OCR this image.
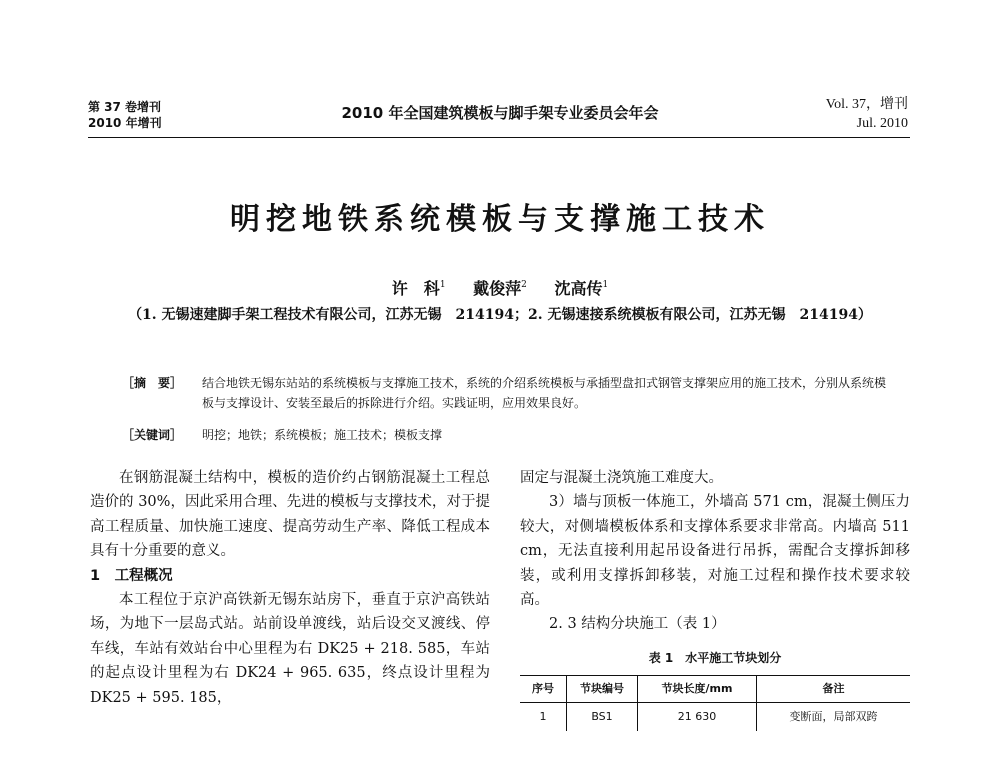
第 37 卷增刊
2010 年增刊
2010 年全国建筑模板与脚手架专业委员会年会	Vol. 37，增刊
Jul. 2010
明挖地铁系统模板与支撑施工技术
许　科$^1$ 戴俊萍$^2$ 沈高传$^1$
（1. 无锡速建脚手架工程技术有限公司，江苏无锡　214194；2. 无锡速接系统模板有限公司，江苏无锡　214194）
［摘　要］ 结合地铁无锡东站站的系统模板与支撑施工技术，系统的介绍系统模板与承插型盘扣式钢管支撑架应用的施工技术，分别从系统模板与支撑设计、安装至最后的拆除进行介绍。实践证明，应用效果良好。
［关键词］ 明挖；地铁；系统模板；施工技术；模板支撑

在钢筋混凝土结构中，模板的造价约占钢筋混凝土工程总造价的 30%，因此采用合理、先进的模板与支撑技术，对于提高工程质量、加快施工速度、提高劳动生产率、降低工程成本具有十分重要的意义。

1　工程概况

本工程位于京沪高铁新无锡东站房下，垂直于京沪高铁站场，为地下一层岛式站。站前设单渡线，站后设交叉渡线、停车线，车站有效站台中心里程为右 DK25 + 218. 585，车站的起点设计里程为右 DK24 + 965. 635，终点设计里程为 DK25 + 595. 185，

固定与混凝土浇筑施工难度大。

3）墙与顶板一体施工，外墙高 571 cm，混凝土侧压力较大，对侧墙模板体系和支撑体系要求非常高。内墙高 511 cm，无法直接利用起吊设备进行吊拆，需配合支撑拆卸移装，或利用支撑拆卸移装，对施工过程和操作技术要求较高。

2. 3 结构分块施工（表 1）

表 1　水平施工节块划分
序号	节块编号	节块长度/mm	备注
1	BS1	21 630	变断面，局部双跨
